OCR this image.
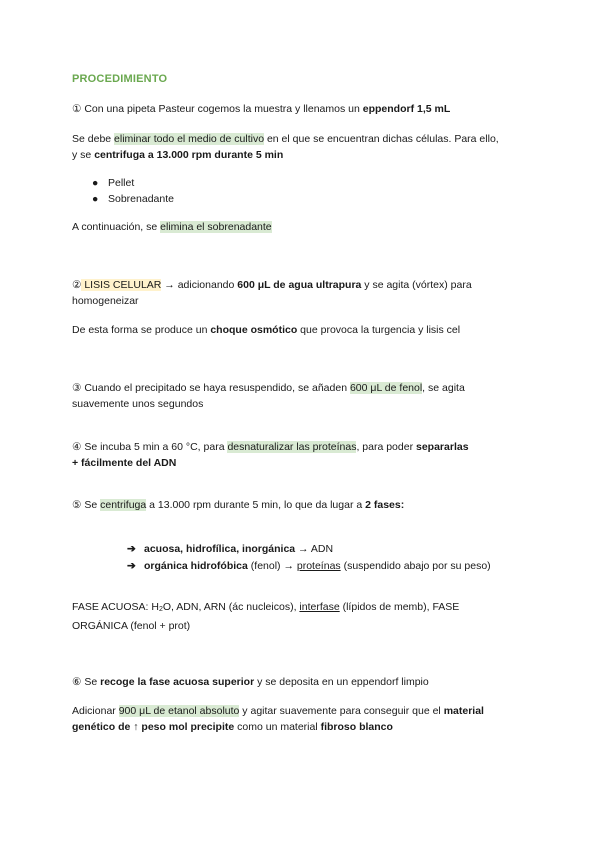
PROCEDIMIENTO
① Con una pipeta Pasteur cogemos la muestra y llenamos un eppendorf 1,5 mL
Se debe eliminar todo el medio de cultivo en el que se encuentran dichas células. Para ello,
y se centrifuga a 13.000 rpm durante 5 min
● Pellet
● Sobrenadante
A continuación, se elimina el sobrenadante
② LISIS CELULAR → adicionando 600 μL de agua ultrapura y se agita (vórtex) para
homogeneizar
De esta forma se produce un choque osmótico que provoca la turgencia y lisis cel
③ Cuando el precipitado se haya resuspendido, se añaden 600 μL de fenol, se agita
suavemente unos segundos
④ Se incuba 5 min a 60 °C, para desnaturalizar las proteínas, para poder separarlas
+ fácilmente del ADN
⑤ Se centrifuga a 13.000 rpm durante 5 min, lo que da lugar a 2 fases:
➔ acuosa, hidrofílica, inorgánica → ADN
➔ orgánica hidrofóbica (fenol) → proteínas (suspendido abajo por su peso)
FASE ACUOSA: H2O, ADN, ARN (ác nucleicos), interfase (lípidos de memb), FASE
ORGÁNICA (fenol + prot)
⑥ Se recoge la fase acuosa superior y se deposita en un eppendorf limpio
Adicionar 900 μL de etanol absoluto y agitar suavemente para conseguir que el material
genético de ↑ peso mol precipite como un material fibroso blanco
